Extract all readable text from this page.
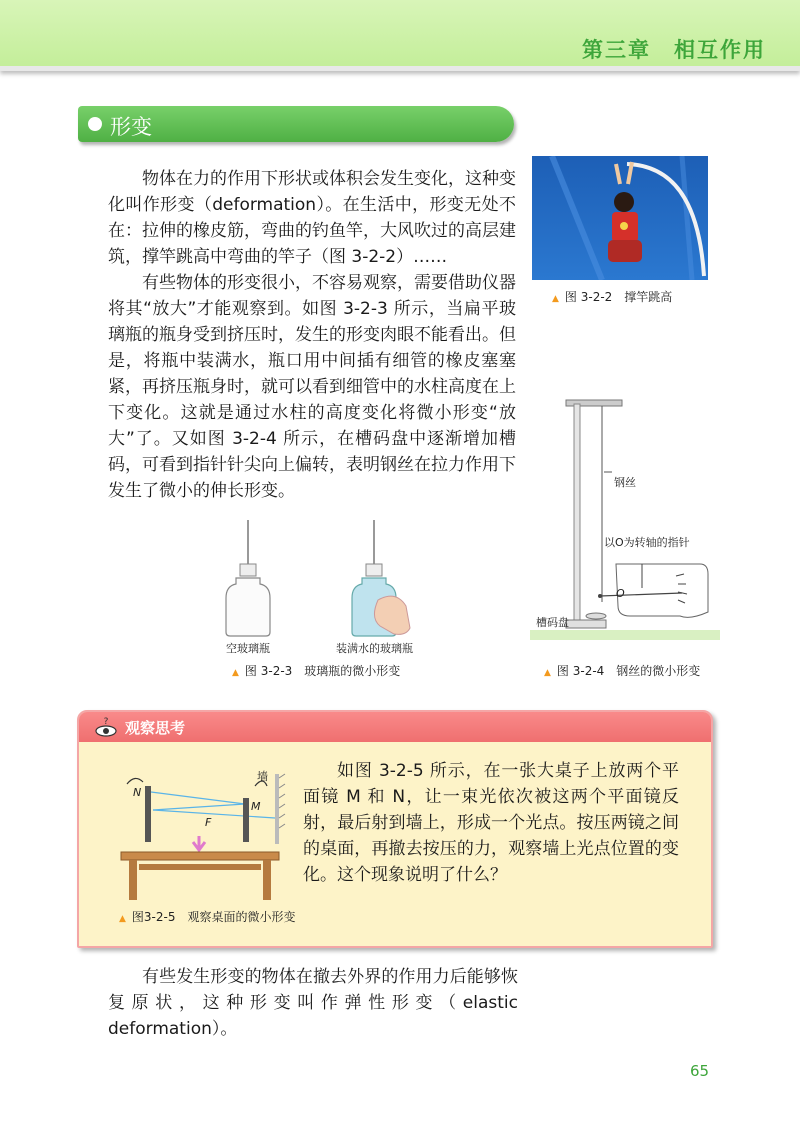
第三章　相互作用
形变

物体在力的作用下形状或体积会发生变化，这种变化叫作形变（deformation）。在生活中，形变无处不在：拉伸的橡皮筋，弯曲的钓鱼竿，大风吹过的高层建筑，撑竿跳高中弯曲的竿子（图 3-2-2）……

有些物体的形变很小，不容易观察，需要借助仪器将其“放大”才能观察到。如图 3-2-3 所示，当扁平玻璃瓶的瓶身受到挤压时，发生的形变肉眼不能看出。但是，将瓶中装满水，瓶口用中间插有细管的橡皮塞塞紧，再挤压瓶身时，就可以看到细管中的水柱高度在上下变化。这就是通过水柱的高度变化将微小形变“放大”了。又如图 3-2-4 所示，在槽码盘中逐渐增加槽码，可看到指针针尖向上偏转，表明钢丝在拉力作用下发生了微小的伸长形变。

▲ 图 3-2-2　撑竿跳高
空玻璃瓶	装满水的玻璃瓶
▲ 图 3-2-3　玻璃瓶的微小形变
钢丝
以O为转轴的指针
O
槽码盘
▲ 图 3-2-4　钢丝的微小形变
? 观察思考
墙
N
M
F
▲ 图3-2-5　观察桌面的微小形变

如图 3-2-5 所示，在一张大桌子上放两个平面镜 M 和 N，让一束光依次被这两个平面镜反射，最后射到墙上，形成一个光点。按压两镜之间的桌面，再撤去按压的力，观察墙上光点位置的变化。这个现象说明了什么？

有些发生形变的物体在撤去外界的作用力后能够恢复原状，这种形变叫作弹性形变（elastic deformation）。

65
